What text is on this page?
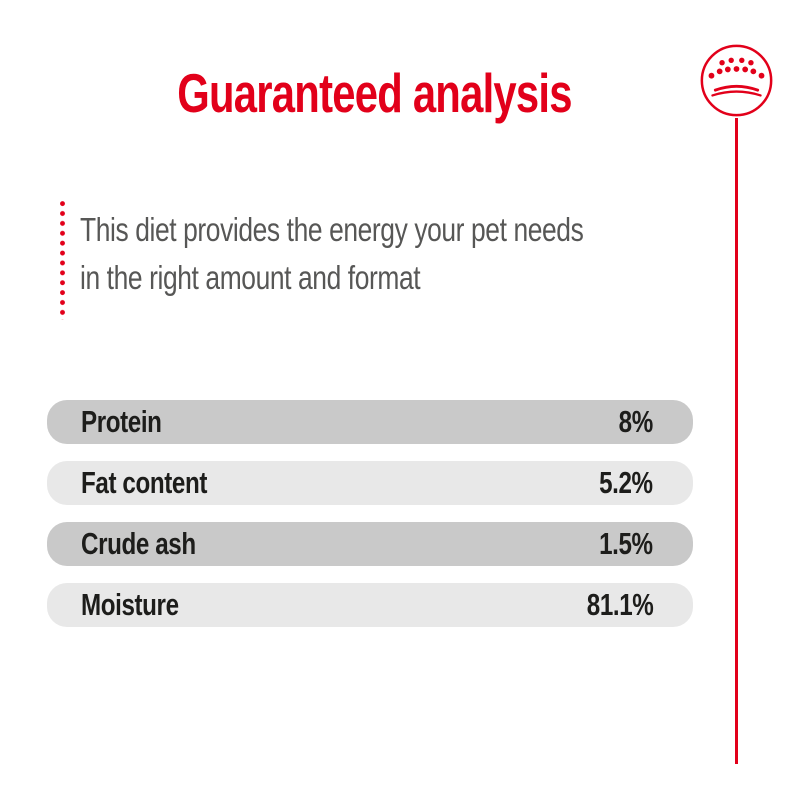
Guaranteed analysis
This diet provides the energy your pet needs
in the right amount and format
Protein	8%
Fat content	5.2%
Crude ash	1.5%
Moisture	81.1%
